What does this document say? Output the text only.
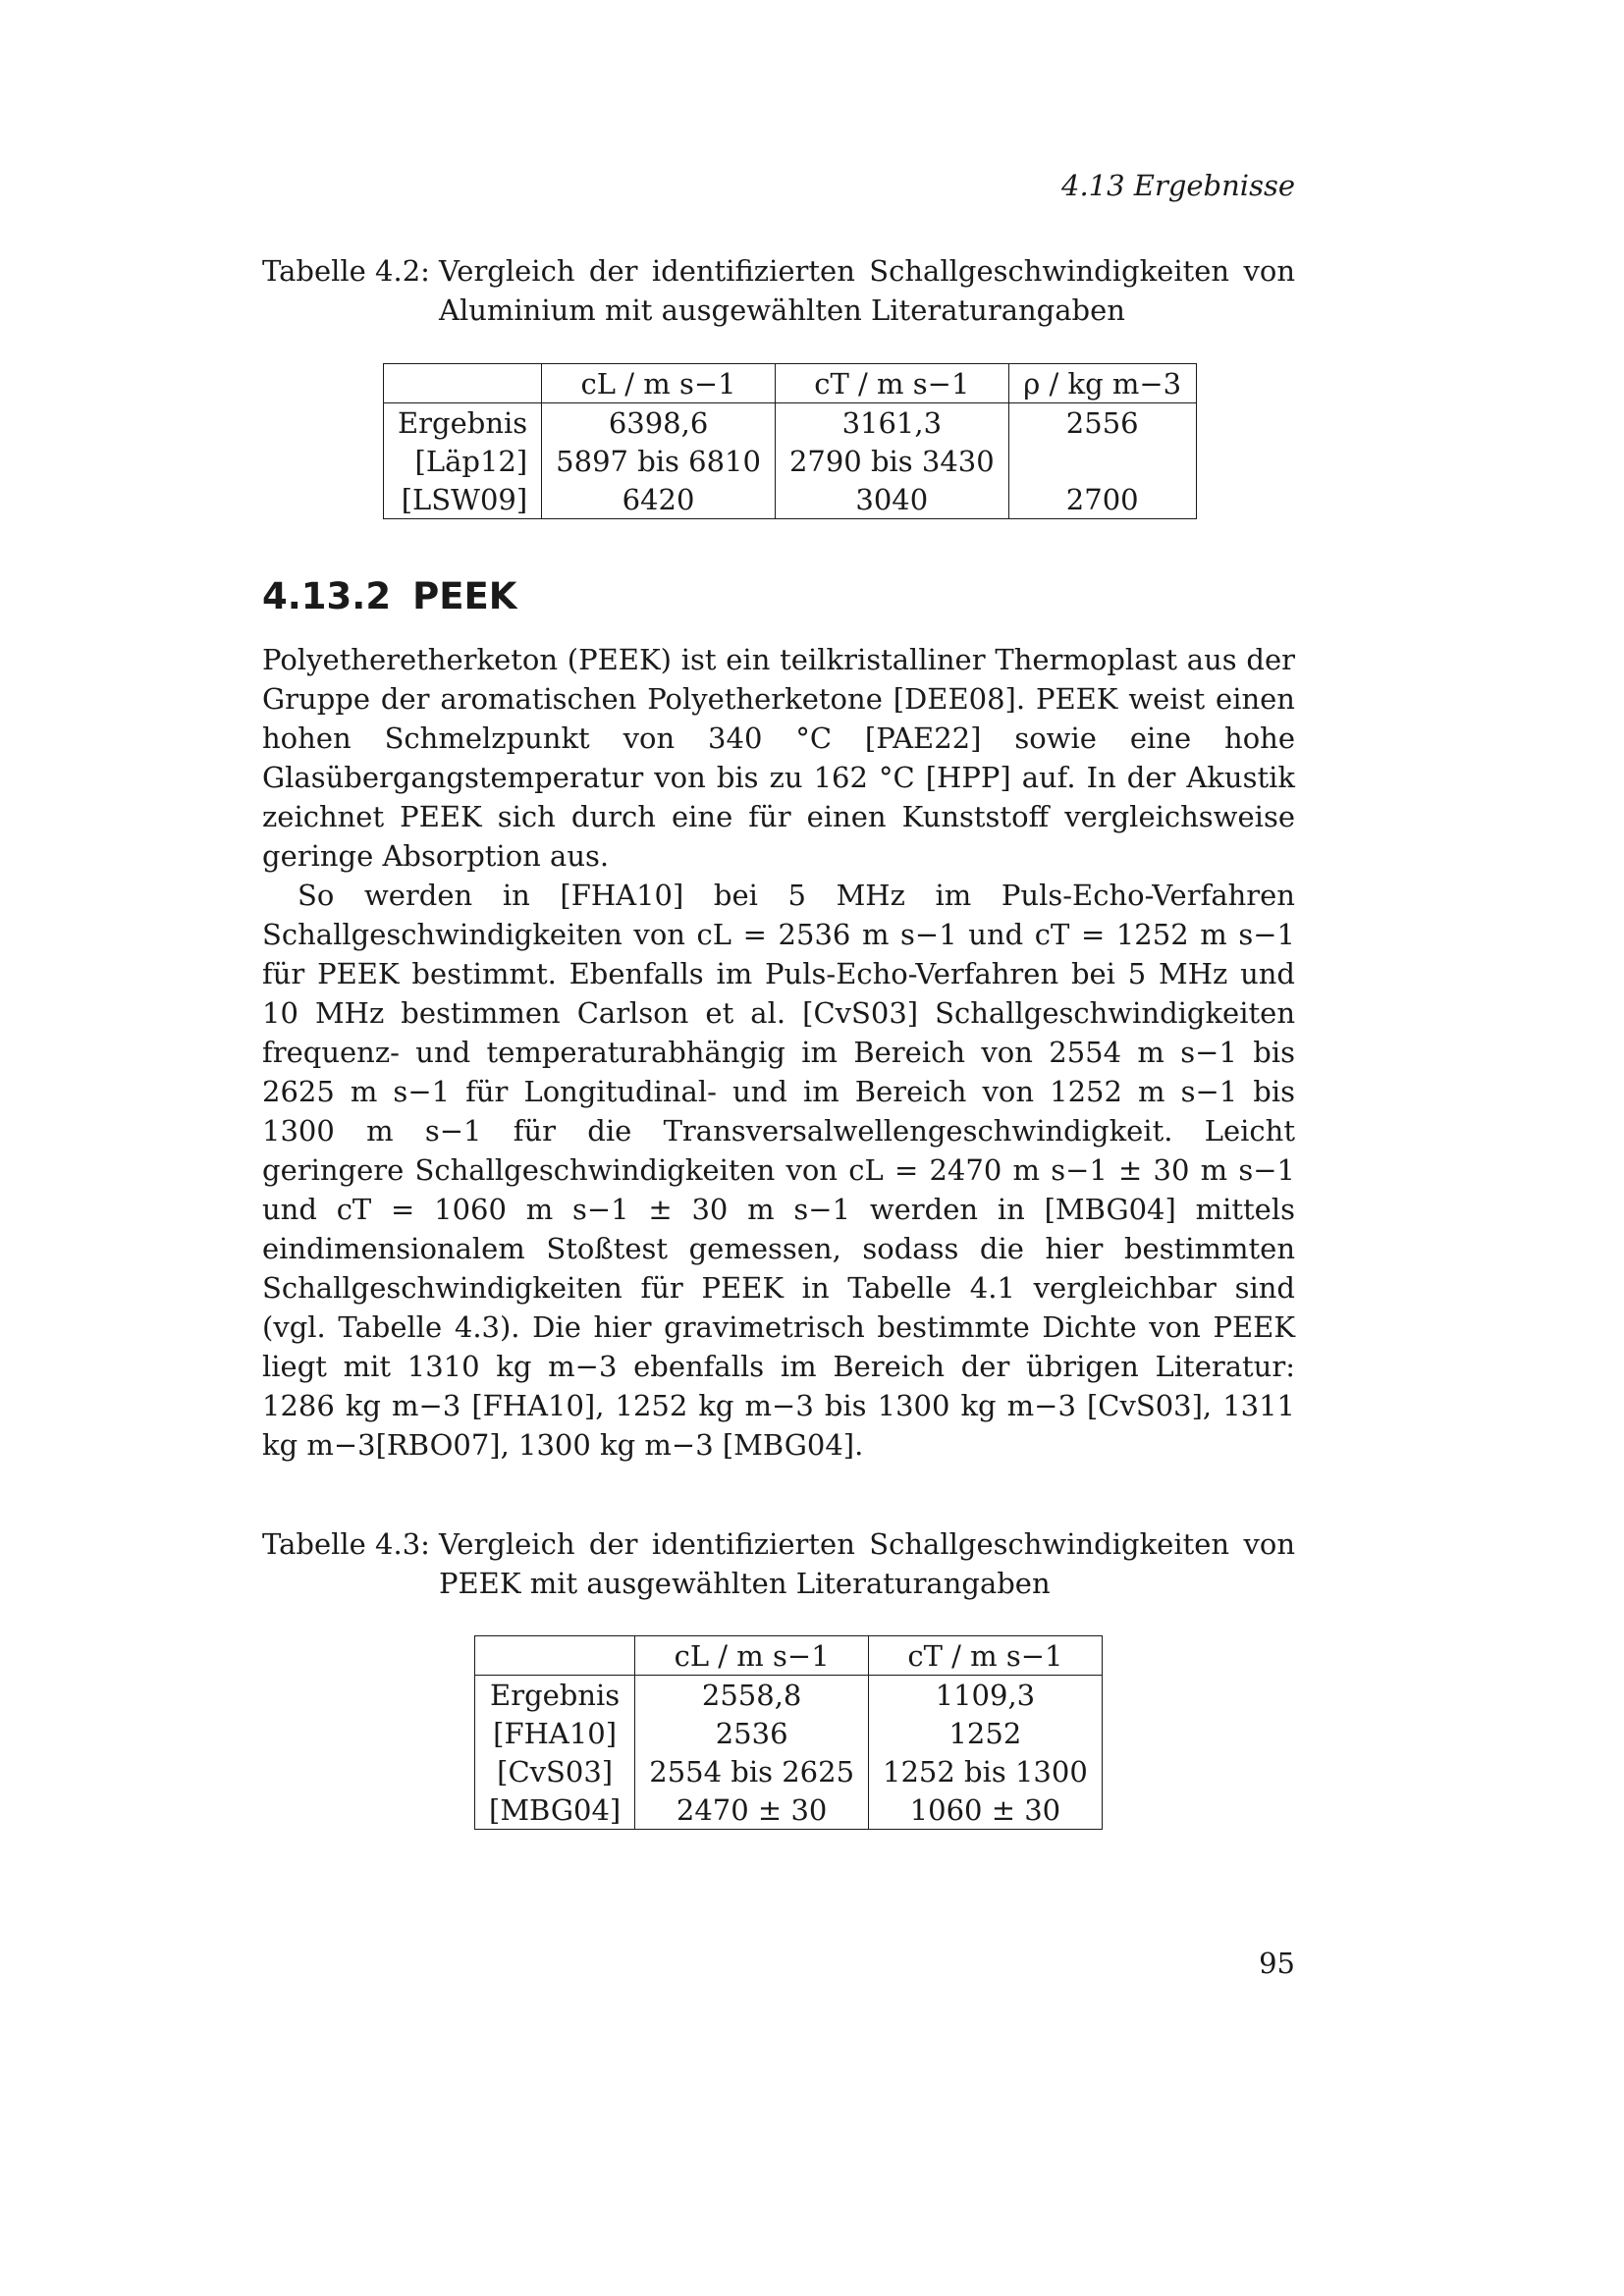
4.13 Ergebnisse
Tabelle 4.2: Vergleich der identifizierten Schallgeschwindigkeiten von Aluminium mit ausgewählten Literaturangaben
	cL / m s−1	cT / m s−1	ρ / kg m−3
Ergebnis	6398,6	3161,3	2556
[Läp12]	5897 bis 6810	2790 bis 3430	
[LSW09]	6420	3040	2700
4.13.2 PEEK

Polyetheretherketon (PEEK) ist ein teilkristalliner Thermoplast aus der Gruppe der aromatischen Polyetherketone [DEE08]. PEEK weist einen hohen Schmelzpunkt von 340 °C [PAE22] sowie eine hohe Glasübergangstemperatur von bis zu 162 °C [HPP] auf. In der Akustik zeichnet PEEK sich durch eine für einen Kunststoff vergleichsweise geringe Absorption aus.

So werden in [FHA10] bei 5 MHz im Puls-Echo-Verfahren Schallgeschwindigkeiten von cL = 2536 m s−1 und cT = 1252 m s−1 für PEEK bestimmt. Ebenfalls im Puls-Echo-Verfahren bei 5 MHz und 10 MHz bestimmen Carlson et al. [CvS03] Schallgeschwindigkeiten frequenz- und temperaturabhängig im Bereich von 2554 m s−1 bis 2625 m s−1 für Longitudinal- und im Bereich von 1252 m s−1 bis 1300 m s−1 für die Transversalwellengeschwindigkeit. Leicht geringere Schallgeschwindigkeiten von cL = 2470 m s−1 ± 30 m s−1 und cT = 1060 m s−1 ± 30 m s−1 werden in [MBG04] mittels eindimensionalem Stoßtest gemessen, sodass die hier bestimmten Schallgeschwindigkeiten für PEEK in Tabelle 4.1 vergleichbar sind (vgl. Tabelle 4.3). Die hier gravimetrisch bestimmte Dichte von PEEK liegt mit 1310 kg m−3 ebenfalls im Bereich der übrigen Literatur: 1286 kg m−3 [FHA10], 1252 kg m−3 bis 1300 kg m−3 [CvS03], 1311 kg m−3[RBO07], 1300 kg m−3 [MBG04].

Tabelle 4.3: Vergleich der identifizierten Schallgeschwindigkeiten von PEEK mit ausgewählten Literaturangaben
	cL / m s−1	cT / m s−1
Ergebnis	2558,8	1109,3
[FHA10]	2536	1252
[CvS03]	2554 bis 2625	1252 bis 1300
[MBG04]	2470 ± 30	1060 ± 30
95
